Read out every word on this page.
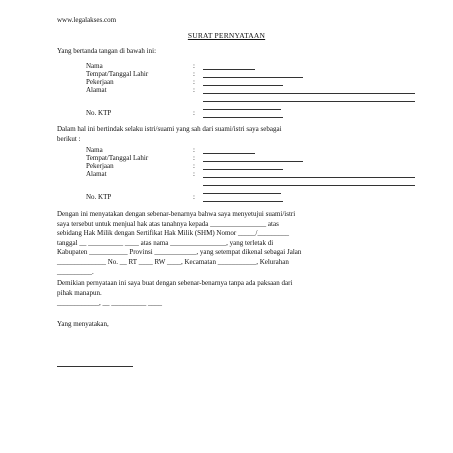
www.legalakses.com
SURAT PERNYATAAN
Yang bertanda tangan di bawah ini:
Nama	:
Tempat/Tanggal Lahir	:
Pekerjaan	:
Alamat	:
No. KTP	:
Dalam hal ini bertindak selaku istri/suami yang sah dari suami/istri saya sebagai
berikut :
Nama	:
Tempat/Tanggal Lahir	:
Pekerjaan	:
Alamat	:
No. KTP	:
Dengan ini menyatakan dengan sebenar-benarnya bahwa saya menyetujui suami/istri
saya tersebut untuk menjual hak atas tanahnya kepada ________________ atas
sebidang Hak Milik dengan Sertifikat Hak Milik (SHM) Nomor _____/_________
tanggal __ __________ ____ atas nama ________________, yang terletak di
Kabupaten ___________ Provinsi ____________, yang setempat dikenal sebagai Jalan
______________ No. __ RT ____ RW ____, Kecamatan ___________, Kelurahan
__________.
Demikian pernyataan ini saya buat dengan sebenar-benarnya tanpa ada paksaan dari
pihak manapun.
____________, __ __________ ____
Yang menyatakan,
